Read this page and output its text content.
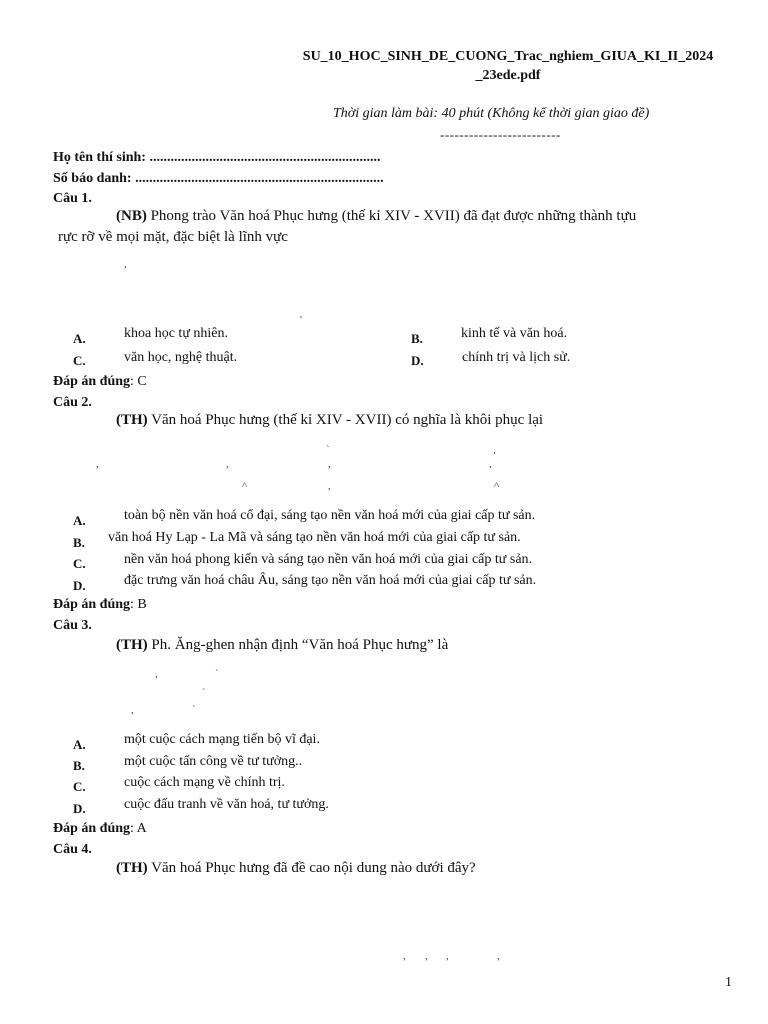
SU_10_HOC_SINH_DE_CUONG_Trac_nghiem_GIUA_KI_II_2024
_23ede.pdf
Thời gian làm bài: 40 phút (Không kể thời gian giao đề)
-------------------------
Họ tên thí sinh: ..................................................................
Số báo danh: .......................................................................
Câu 1.
(NB) Phong trào Văn hoá Phục hưng (thế kỉ XIV - XVII) đã đạt được những thành tựu
rực rỡ về mọi mặt, đặc biệt là lĩnh vực
,
'
A.	khoa học tự nhiên.	B.	kinh tế và văn hoá.
C.	văn học, nghệ thuật.	D.	chính trị và lịch sử.
Đáp án đúng: C
Câu 2.
(TH) Văn hoá Phục hưng (thế kỉ XIV - XVII) có nghĩa là khôi phục lại
,	,
`
,
,
,
^	,	^
A.	toàn bộ nền văn hoá cổ đại, sáng tạo nền văn hoá mới của giai cấp tư sản.
B. văn hoá Hy Lạp - La Mã và sáng tạo nền văn hoá mới của giai cấp tư sản.
C.	nền văn hoá phong kiến và sáng tạo nền văn hoá mới của giai cấp tư sản.
D.	đặc trưng văn hoá châu Âu, sáng tạo nền văn hoá mới của giai cấp tư sản.
Đáp án đúng: B
Câu 3.
(TH) Ph. Ăng-ghen nhận định “Văn hoá Phục hưng” là
,	`
`
,	`
A.	một cuộc cách mạng tiến bộ vĩ đại.
B.	một cuộc tấn công về tư tưởng..
C.	cuộc cách mạng về chính trị.
D.	cuộc đấu tranh về văn hoá, tư tưởng.
Đáp án đúng: A
Câu 4.
(TH) Văn hoá Phục hưng đã đề cao nội dung nào dưới đây?
, , ,	,
1
